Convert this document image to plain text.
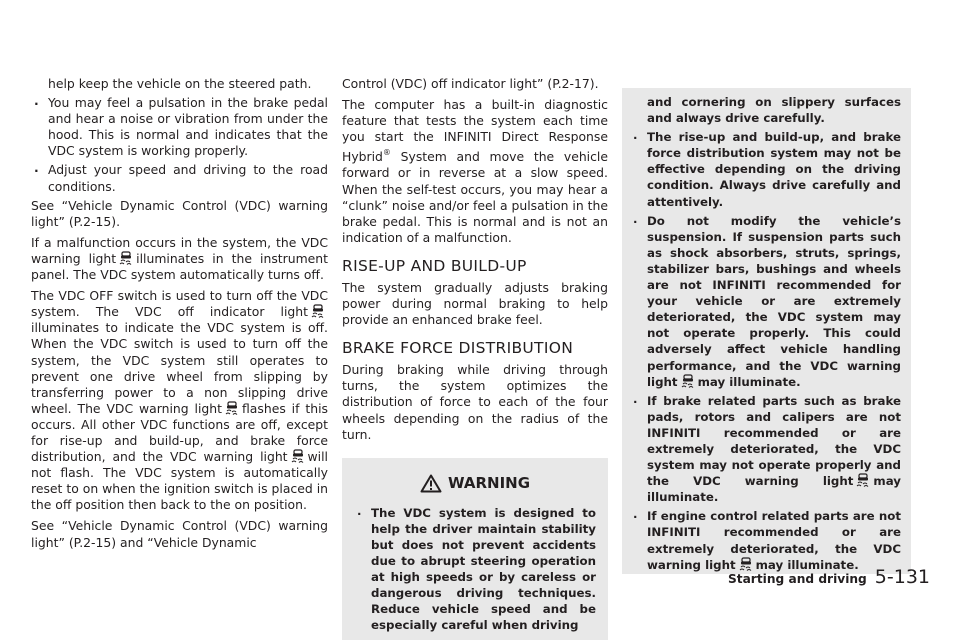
help keep the vehicle on the steered path.

. You may feel a pulsation in the brake pedal and hear a noise or vibration from under the hood. This is normal and indicates that the VDC system is working properly.
. Adjust your speed and driving to the road conditions.

See “Vehicle Dynamic Control (VDC) warning light” (P.2-15).

If a malfunction occurs in the system, the VDC warning light illuminates in the instrument panel. The VDC system automatically turns off.

The VDC OFF switch is used to turn off the VDC system. The VDC off indicator lightilluminates to indicate the VDC system is off. When the VDC switch is used to turn off the system, the VDC system still operates to prevent one drive wheel from slipping by transferring power to a non slipping drive wheel. The VDC warning light flashes if this occurs. All other VDC functions are off, except for rise-up and build-up, and brake force distribution, and the VDC warning light will not flash. The VDC system is automatically reset to on when the ignition switch is placed in the off position then back to the on position.

See “Vehicle Dynamic Control (VDC) warning light” (P.2-15) and “Vehicle Dynamic

Control (VDC) off indicator light” (P.2-17).

The computer has a built-in diagnostic feature that tests the system each time you start the INFINITI Direct Response Hybrid® System and move the vehicle forward or in reverse at a slow speed. When the self-test occurs, you may hear a “clunk” noise and/or feel a pulsation in the brake pedal. This is normal and is not an indication of a malfunction.

RISE-UP AND BUILD-UP

The system gradually adjusts braking power during normal braking to help provide an enhanced brake feel.

BRAKE FORCE DISTRIBUTION

During braking while driving through turns, the system optimizes the distribution of force to each of the four wheels depending on the radius of the turn.

WARNING
. The VDC system is designed to help the driver maintain stability but does not prevent accidents due to abrupt steering operation at high speeds or by careless or dangerous driving techniques. Reduce vehicle speed and be especially careful when driving
and cornering on slippery surfaces and always drive carefully.
. The rise-up and build-up, and brake force distribution system may not be effective depending on the driving condition. Always drive carefully and attentively.
. Do not modify the vehicle’s suspension. If suspension parts such as shock absorbers, struts, springs, stabilizer bars, bushings and wheels are not INFINITI recommended for your vehicle or are extremely deteriorated, the VDC system may not operate properly. This could adversely affect vehicle handling performance, and the VDC warning light may illuminate.
. If brake related parts such as brake pads, rotors and calipers are not INFINITI recommended or are extremely deteriorated, the VDC system may not operate properly and the VDC warning light may illuminate.
. If engine control related parts are not INFINITI recommended or are extremely deteriorated, the VDC warning light may illuminate.
Starting and driving 5-131
